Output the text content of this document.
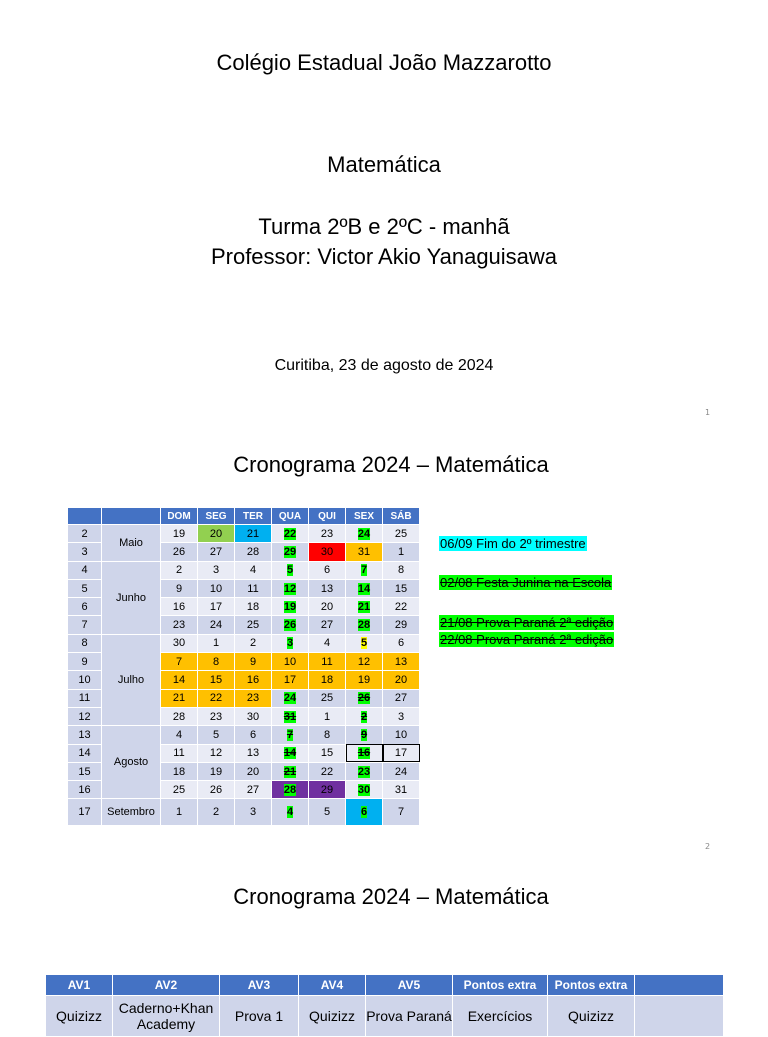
Colégio Estadual João Mazzarotto
Matemática
Turma 2ºB e 2ºC - manhã
Professor: Victor Akio Yanaguisawa
Curitiba, 23 de agosto de 2024
1
Cronograma 2024 – Matemática
		DOM	SEG	TER	QUA	QUI	SEX	SÁB
2	Maio	19	20	21	22	23	24	25
3		26	27	28	29	30	31	1
4	Junho	2	3	4	5	6	7	8
5		9	10	11	12	13	14	15
6		16	17	18	19	20	21	22
7		23	24	25	26	27	28	29
8	Julho	30	1	2	3	4	5	6
9		7	8	9	10	11	12	13
10		14	15	16	17	18	19	20
11		21	22	23	24	25	26	27
12		28	23	30	31	1	2	3
13	Agosto	4	5	6	7	8	9	10
14		11	12	13	14	15	16	17
15		18	19	20	21	22	23	24
16		25	26	27	28	29	30	31
17	Setembro	1	2	3	4	5	6	7
06/09 Fim do 2º trimestre
02/08 Festa Junina na Escola
21/08 Prova Paraná 2ª edição
22/08 Prova Paraná 2ª edição
2
Cronograma 2024 – Matemática
AV1	AV2	AV3	AV4	AV5	Pontos extra	Pontos extra	
Quizizz	Caderno+Khan Academy	Prova 1	Quizizz	Prova Paraná	Exercícios	Quizizz	
